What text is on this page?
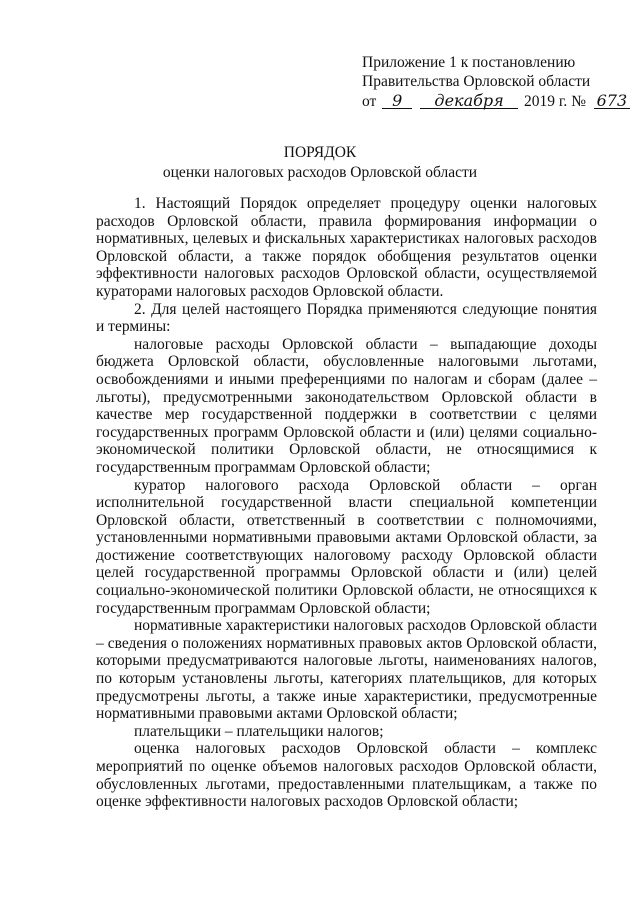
Приложение 1 к постановлению
Правительства Орловской области
от 9 декабря 2019 г. № 673
ПОРЯДОК
оценки налоговых расходов Орловской области

1. Настоящий Порядок определяет процедуру оценки налоговых расходов Орловской области, правила формирования информации о нормативных, целевых и фискальных характеристиках налоговых расходов Орловской области, а также порядок обобщения результатов оценки эффективности налоговых расходов Орловской области, осуществляемой кураторами налоговых расходов Орловской области.

2. Для целей настоящего Порядка применяются следующие понятия и термины:

налоговые расходы Орловской области – выпадающие доходы бюджета Орловской области, обусловленные налоговыми льготами, освобождениями и иными преференциями по налогам и сборам (далее – льготы), предусмотренными законодательством Орловской области в качестве мер государственной поддержки в соответствии с целями государственных программ Орловской области и (или) целями социально-экономической политики Орловской области, не относящимися к государственным программам Орловской области;

куратор налогового расхода Орловской области – орган исполнительной государственной власти специальной компетенции Орловской области, ответственный в соответствии с полномочиями, установленными нормативными правовыми актами Орловской области, за достижение соответствующих налоговому расходу Орловской области целей государственной программы Орловской области и (или) целей социально-экономической политики Орловской области, не относящихся к государственным программам Орловской области;

нормативные характеристики налоговых расходов Орловской области – сведения о положениях нормативных правовых актов Орловской области, которыми предусматриваются налоговые льготы, наименованиях налогов, по которым установлены льготы, категориях плательщиков, для которых предусмотрены льготы, а также иные характеристики, предусмотренные нормативными правовыми актами Орловской области;

плательщики – плательщики налогов;

оценка налоговых расходов Орловской области – комплекс мероприятий по оценке объемов налоговых расходов Орловской области, обусловленных льготами, предоставленными плательщикам, а также по оценке эффективности налоговых расходов Орловской области;
